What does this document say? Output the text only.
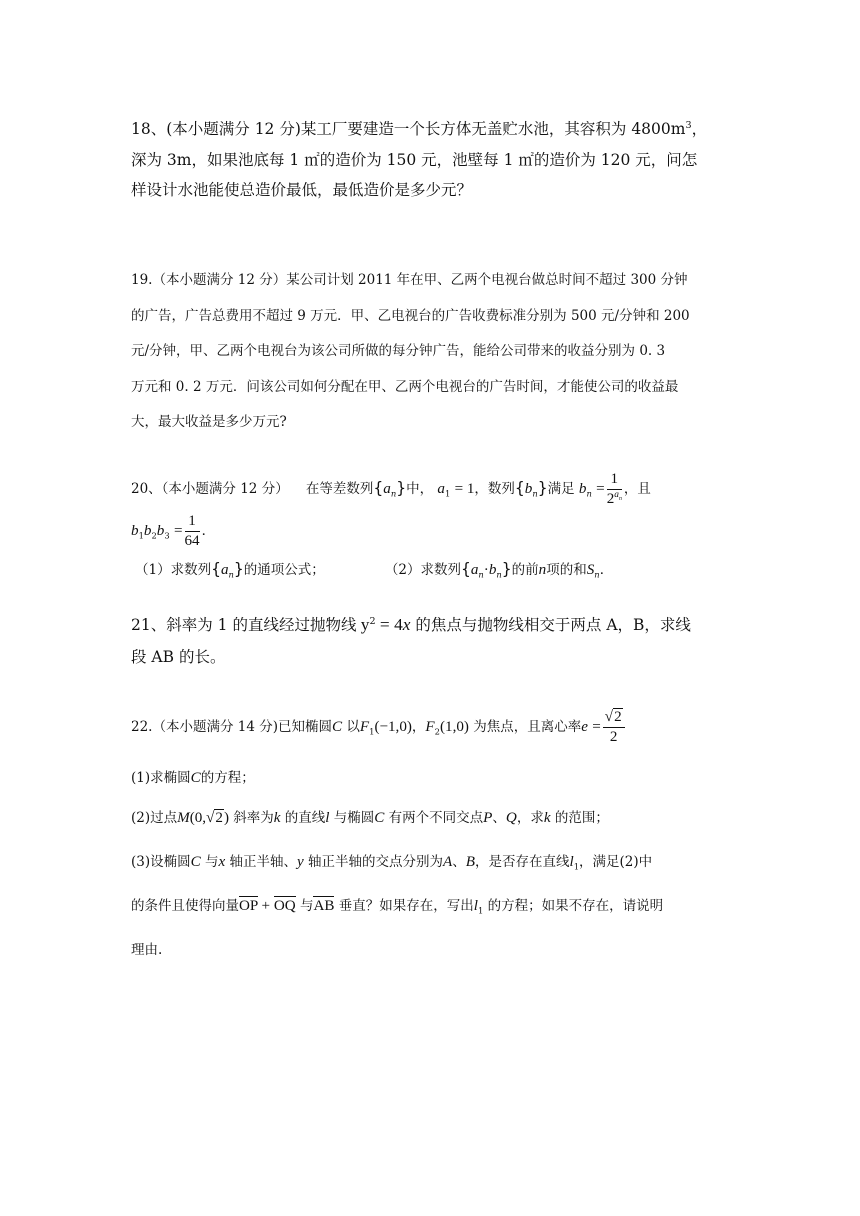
18、(本小题满分 12 分)某工厂要建造一个长方体无盖贮水池，其容积为 $4800m^3$，
深为 3m，如果池底每 1 ㎡的造价为 150 元，池壁每 1 ㎡的造价为 120 元，问怎
样设计水池能使总造价最低，最低造价是多少元？
19.（本小题满分 12 分）某公司计划 2011 年在甲、乙两个电视台做总时间不超过 300 分钟
的广告，广告总费用不超过 9 万元．甲、乙电视台的广告收费标准分别为 500 元/分钟和 200
元/分钟，甲、乙两个电视台为该公司所做的每分钟广告，能给公司带来的收益分别为 0. 3
万元和 0. 2 万元．问该公司如何分配在甲、乙两个电视台的广告时间，才能使公司的收益最
大，最大收益是多少万元?
20、（本小题满分 12 分） 在等差数列$\{a_n\}$中， $a_1 = 1$，数列$\{b_n\}$满足 $b_n = \frac{1}{2^{a_n}}$ ，且
$b_1b_2b_3 = \frac{1}{64}$ ．
（1）求数列$\{a_n\}$的通项公式；	（2）求数列$\{a_n\cdot b_n\}$的前n项的和$S_n$．
21、斜率为 1 的直线经过抛物线 $y^2 = 4x$ 的焦点与抛物线相交于两点 A，B，求线
段 AB 的长。
22.（本小题满分 14 分)已知椭圆C 以$F_1(-1,0)$，$F_2(1,0)$ 为焦点，且离心率$e = \frac{√2}{2}$
(1)求椭圆C的方程；
(2)过点M(0,√2) 斜率为k 的直线l 与椭圆C 有两个不同交点P、Q，求k 的范围；
(3)设椭圆C 与x 轴正半轴、y 轴正半轴的交点分别为A、B，是否存在直线$l_1$，满足(2)中
的条件且使得向量OP + OQ 与AB 垂直？如果存在，写出$l_1$ 的方程；如果不存在，请说明
理由.
